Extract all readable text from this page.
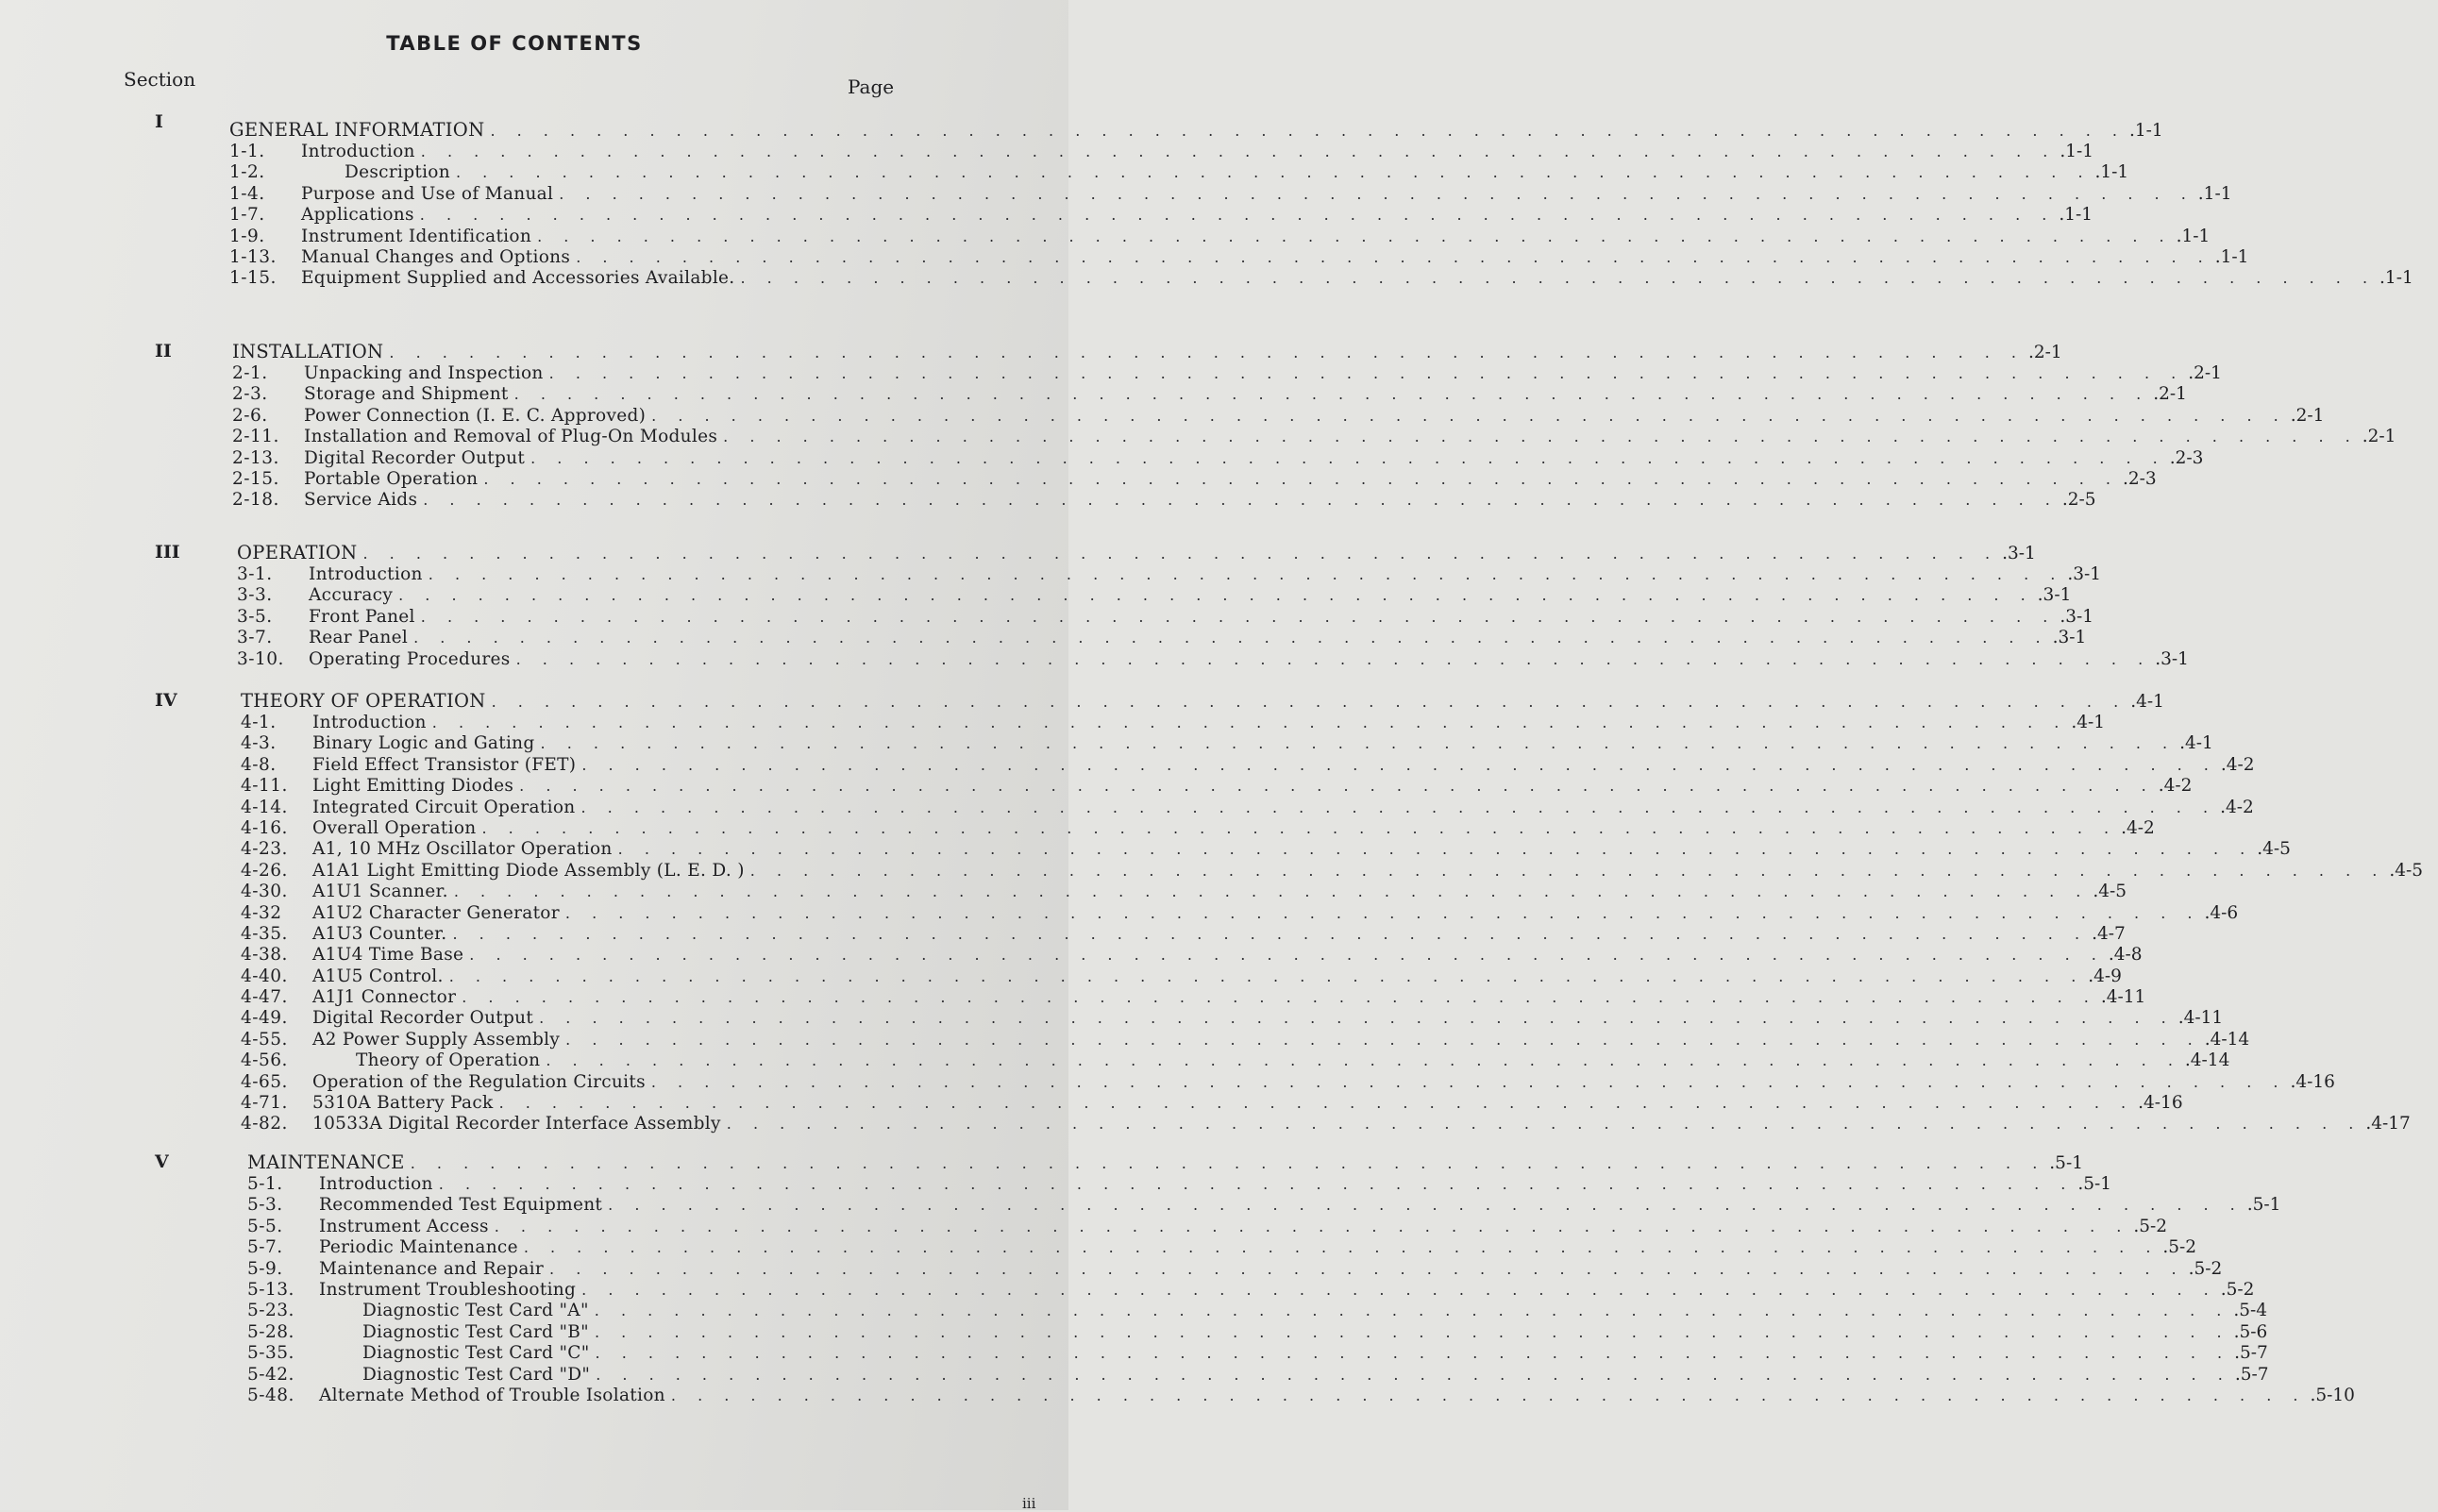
TABLE OF CONTENTS
Section	Page
I	GENERAL INFORMATION . . . . . . . . . . . . . . . . . . . . . . . . . . . . . . . . . . . . . . . . . . . . . . . . . . . . . . . . . . . . . . .1-1
1-1.	Introduction . . . . . . . . . . . . . . . . . . . . . . . . . . . . . . . . . . . . . . . . . . . . . . . . . . . . . . . . . . . . . . .1-1
1-2.	Description . . . . . . . . . . . . . . . . . . . . . . . . . . . . . . . . . . . . . . . . . . . . . . . . . . . . . . . . . . . . . . .1-1
1-4.	Purpose and Use of Manual . . . . . . . . . . . . . . . . . . . . . . . . . . . . . . . . . . . . . . . . . . . . . . . . . . . . . . . . . . . . . . .1-1
1-7.	Applications . . . . . . . . . . . . . . . . . . . . . . . . . . . . . . . . . . . . . . . . . . . . . . . . . . . . . . . . . . . . . . .1-1
1-9.	Instrument Identification . . . . . . . . . . . . . . . . . . . . . . . . . . . . . . . . . . . . . . . . . . . . . . . . . . . . . . . . . . . . . . .1-1
1-13.	Manual Changes and Options . . . . . . . . . . . . . . . . . . . . . . . . . . . . . . . . . . . . . . . . . . . . . . . . . . . . . . . . . . . . . . .1-1
1-15.	Equipment Supplied and Accessories Available. . . . . . . . . . . . . . . . . . . . . . . . . . . . . . . . . . . . . . . . . . . . . . . . . . . . . . . . . . . . . . . .1-1
II	INSTALLATION . . . . . . . . . . . . . . . . . . . . . . . . . . . . . . . . . . . . . . . . . . . . . . . . . . . . . . . . . . . . . . .2-1
2-1.	Unpacking and Inspection . . . . . . . . . . . . . . . . . . . . . . . . . . . . . . . . . . . . . . . . . . . . . . . . . . . . . . . . . . . . . . .2-1
2-3.	Storage and Shipment . . . . . . . . . . . . . . . . . . . . . . . . . . . . . . . . . . . . . . . . . . . . . . . . . . . . . . . . . . . . . . .2-1
2-6.	Power Connection (I. E. C. Approved) . . . . . . . . . . . . . . . . . . . . . . . . . . . . . . . . . . . . . . . . . . . . . . . . . . . . . . . . . . . . . . .2-1
2-11.	Installation and Removal of Plug-On Modules . . . . . . . . . . . . . . . . . . . . . . . . . . . . . . . . . . . . . . . . . . . . . . . . . . . . . . . . . . . . . . .2-1
2-13.	Digital Recorder Output . . . . . . . . . . . . . . . . . . . . . . . . . . . . . . . . . . . . . . . . . . . . . . . . . . . . . . . . . . . . . . .2-3
2-15.	Portable Operation . . . . . . . . . . . . . . . . . . . . . . . . . . . . . . . . . . . . . . . . . . . . . . . . . . . . . . . . . . . . . . .2-3
2-18.	Service Aids . . . . . . . . . . . . . . . . . . . . . . . . . . . . . . . . . . . . . . . . . . . . . . . . . . . . . . . . . . . . . . .2-5
III	OPERATION . . . . . . . . . . . . . . . . . . . . . . . . . . . . . . . . . . . . . . . . . . . . . . . . . . . . . . . . . . . . . . .3-1
3-1.	Introduction . . . . . . . . . . . . . . . . . . . . . . . . . . . . . . . . . . . . . . . . . . . . . . . . . . . . . . . . . . . . . . .3-1
3-3.	Accuracy . . . . . . . . . . . . . . . . . . . . . . . . . . . . . . . . . . . . . . . . . . . . . . . . . . . . . . . . . . . . . . .3-1
3-5.	Front Panel . . . . . . . . . . . . . . . . . . . . . . . . . . . . . . . . . . . . . . . . . . . . . . . . . . . . . . . . . . . . . . .3-1
3-7.	Rear Panel . . . . . . . . . . . . . . . . . . . . . . . . . . . . . . . . . . . . . . . . . . . . . . . . . . . . . . . . . . . . . . .3-1
3-10.	Operating Procedures . . . . . . . . . . . . . . . . . . . . . . . . . . . . . . . . . . . . . . . . . . . . . . . . . . . . . . . . . . . . . . .3-1
IV	THEORY OF OPERATION . . . . . . . . . . . . . . . . . . . . . . . . . . . . . . . . . . . . . . . . . . . . . . . . . . . . . . . . . . . . . . .4-1
4-1.	Introduction . . . . . . . . . . . . . . . . . . . . . . . . . . . . . . . . . . . . . . . . . . . . . . . . . . . . . . . . . . . . . . .4-1
4-3.	Binary Logic and Gating . . . . . . . . . . . . . . . . . . . . . . . . . . . . . . . . . . . . . . . . . . . . . . . . . . . . . . . . . . . . . . .4-1
4-8.	Field Effect Transistor (FET) . . . . . . . . . . . . . . . . . . . . . . . . . . . . . . . . . . . . . . . . . . . . . . . . . . . . . . . . . . . . . . .4-2
4-11.	Light Emitting Diodes . . . . . . . . . . . . . . . . . . . . . . . . . . . . . . . . . . . . . . . . . . . . . . . . . . . . . . . . . . . . . . .4-2
4-14.	Integrated Circuit Operation . . . . . . . . . . . . . . . . . . . . . . . . . . . . . . . . . . . . . . . . . . . . . . . . . . . . . . . . . . . . . . .4-2
4-16.	Overall Operation . . . . . . . . . . . . . . . . . . . . . . . . . . . . . . . . . . . . . . . . . . . . . . . . . . . . . . . . . . . . . . .4-2
4-23.	A1, 10 MHz Oscillator Operation . . . . . . . . . . . . . . . . . . . . . . . . . . . . . . . . . . . . . . . . . . . . . . . . . . . . . . . . . . . . . . .4-5
4-26.	A1A1 Light Emitting Diode Assembly (L. E. D. ) . . . . . . . . . . . . . . . . . . . . . . . . . . . . . . . . . . . . . . . . . . . . . . . . . . . . . . . . . . . . . . .4-5
4-30.	A1U1 Scanner. . . . . . . . . . . . . . . . . . . . . . . . . . . . . . . . . . . . . . . . . . . . . . . . . . . . . . . . . . . . . . . .4-5
4-32	A1U2 Character Generator . . . . . . . . . . . . . . . . . . . . . . . . . . . . . . . . . . . . . . . . . . . . . . . . . . . . . . . . . . . . . . .4-6
4-35.	A1U3 Counter. . . . . . . . . . . . . . . . . . . . . . . . . . . . . . . . . . . . . . . . . . . . . . . . . . . . . . . . . . . . . . . .4-7
4-38.	A1U4 Time Base . . . . . . . . . . . . . . . . . . . . . . . . . . . . . . . . . . . . . . . . . . . . . . . . . . . . . . . . . . . . . . .4-8
4-40.	A1U5 Control. . . . . . . . . . . . . . . . . . . . . . . . . . . . . . . . . . . . . . . . . . . . . . . . . . . . . . . . . . . . . . . .4-9
4-47.	A1J1 Connector . . . . . . . . . . . . . . . . . . . . . . . . . . . . . . . . . . . . . . . . . . . . . . . . . . . . . . . . . . . . . . .4-11
4-49.	Digital Recorder Output . . . . . . . . . . . . . . . . . . . . . . . . . . . . . . . . . . . . . . . . . . . . . . . . . . . . . . . . . . . . . . .4-11
4-55.	A2 Power Supply Assembly . . . . . . . . . . . . . . . . . . . . . . . . . . . . . . . . . . . . . . . . . . . . . . . . . . . . . . . . . . . . . . .4-14
4-56.	Theory of Operation . . . . . . . . . . . . . . . . . . . . . . . . . . . . . . . . . . . . . . . . . . . . . . . . . . . . . . . . . . . . . . .4-14
4-65.	Operation of the Regulation Circuits . . . . . . . . . . . . . . . . . . . . . . . . . . . . . . . . . . . . . . . . . . . . . . . . . . . . . . . . . . . . . . .4-16
4-71.	5310A Battery Pack . . . . . . . . . . . . . . . . . . . . . . . . . . . . . . . . . . . . . . . . . . . . . . . . . . . . . . . . . . . . . . .4-16
4-82.	10533A Digital Recorder Interface Assembly . . . . . . . . . . . . . . . . . . . . . . . . . . . . . . . . . . . . . . . . . . . . . . . . . . . . . . . . . . . . . . .4-17
V	MAINTENANCE . . . . . . . . . . . . . . . . . . . . . . . . . . . . . . . . . . . . . . . . . . . . . . . . . . . . . . . . . . . . . . .5-1
5-1.	Introduction . . . . . . . . . . . . . . . . . . . . . . . . . . . . . . . . . . . . . . . . . . . . . . . . . . . . . . . . . . . . . . .5-1
5-3.	Recommended Test Equipment . . . . . . . . . . . . . . . . . . . . . . . . . . . . . . . . . . . . . . . . . . . . . . . . . . . . . . . . . . . . . . .5-1
5-5.	Instrument Access . . . . . . . . . . . . . . . . . . . . . . . . . . . . . . . . . . . . . . . . . . . . . . . . . . . . . . . . . . . . . . .5-2
5-7.	Periodic Maintenance . . . . . . . . . . . . . . . . . . . . . . . . . . . . . . . . . . . . . . . . . . . . . . . . . . . . . . . . . . . . . . .5-2
5-9.	Maintenance and Repair . . . . . . . . . . . . . . . . . . . . . . . . . . . . . . . . . . . . . . . . . . . . . . . . . . . . . . . . . . . . . . .5-2
5-13.	Instrument Troubleshooting . . . . . . . . . . . . . . . . . . . . . . . . . . . . . . . . . . . . . . . . . . . . . . . . . . . . . . . . . . . . . . .5-2
5-23.	Diagnostic Test Card "A" . . . . . . . . . . . . . . . . . . . . . . . . . . . . . . . . . . . . . . . . . . . . . . . . . . . . . . . . . . . . . . .5-4
5-28.	Diagnostic Test Card "B" . . . . . . . . . . . . . . . . . . . . . . . . . . . . . . . . . . . . . . . . . . . . . . . . . . . . . . . . . . . . . . .5-6
5-35.	Diagnostic Test Card "C" . . . . . . . . . . . . . . . . . . . . . . . . . . . . . . . . . . . . . . . . . . . . . . . . . . . . . . . . . . . . . . .5-7
5-42.	Diagnostic Test Card "D" . . . . . . . . . . . . . . . . . . . . . . . . . . . . . . . . . . . . . . . . . . . . . . . . . . . . . . . . . . . . . . .5-7
5-48.	Alternate Method of Trouble Isolation . . . . . . . . . . . . . . . . . . . . . . . . . . . . . . . . . . . . . . . . . . . . . . . . . . . . . . . . . . . . . . .5-10
iii
